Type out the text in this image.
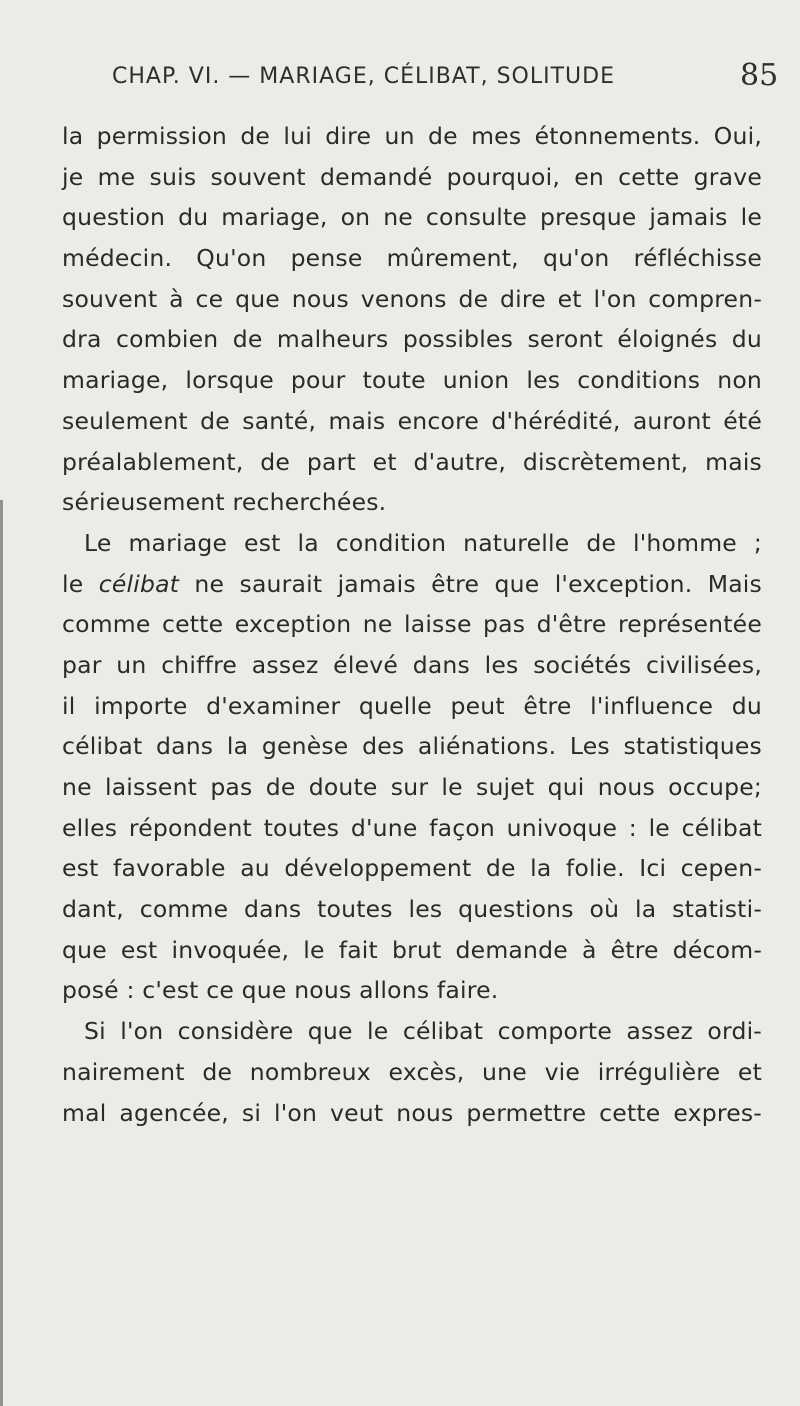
CHAP. VI. — MARIAGE, CÉLIBAT, SOLITUDE	85
la permission de lui dire un de mes étonnements. Oui,
je me suis souvent demandé pourquoi, en cette grave
question du mariage, on ne consulte presque jamais le
médecin. Qu'on pense mûrement, qu'on réfléchisse
souvent à ce que nous venons de dire et l'on compren-
dra combien de malheurs possibles seront éloignés du
mariage, lorsque pour toute union les conditions non
seulement de santé, mais encore d'hérédité, auront été
préalablement, de part et d'autre, discrètement, mais
sérieusement recherchées.
Le mariage est la condition naturelle de l'homme ;
le célibat ne saurait jamais être que l'exception. Mais
comme cette exception ne laisse pas d'être représentée
par un chiffre assez élevé dans les sociétés civilisées,
il importe d'examiner quelle peut être l'influence du
célibat dans la genèse des aliénations. Les statistiques
ne laissent pas de doute sur le sujet qui nous occupe;
elles répondent toutes d'une façon univoque : le célibat
est favorable au développement de la folie. Ici cepen-
dant, comme dans toutes les questions où la statisti-
que est invoquée, le fait brut demande à être décom-
posé : c'est ce que nous allons faire.
Si l'on considère que le célibat comporte assez ordi-
nairement de nombreux excès, une vie irrégulière et
mal agencée, si l'on veut nous permettre cette expres-
